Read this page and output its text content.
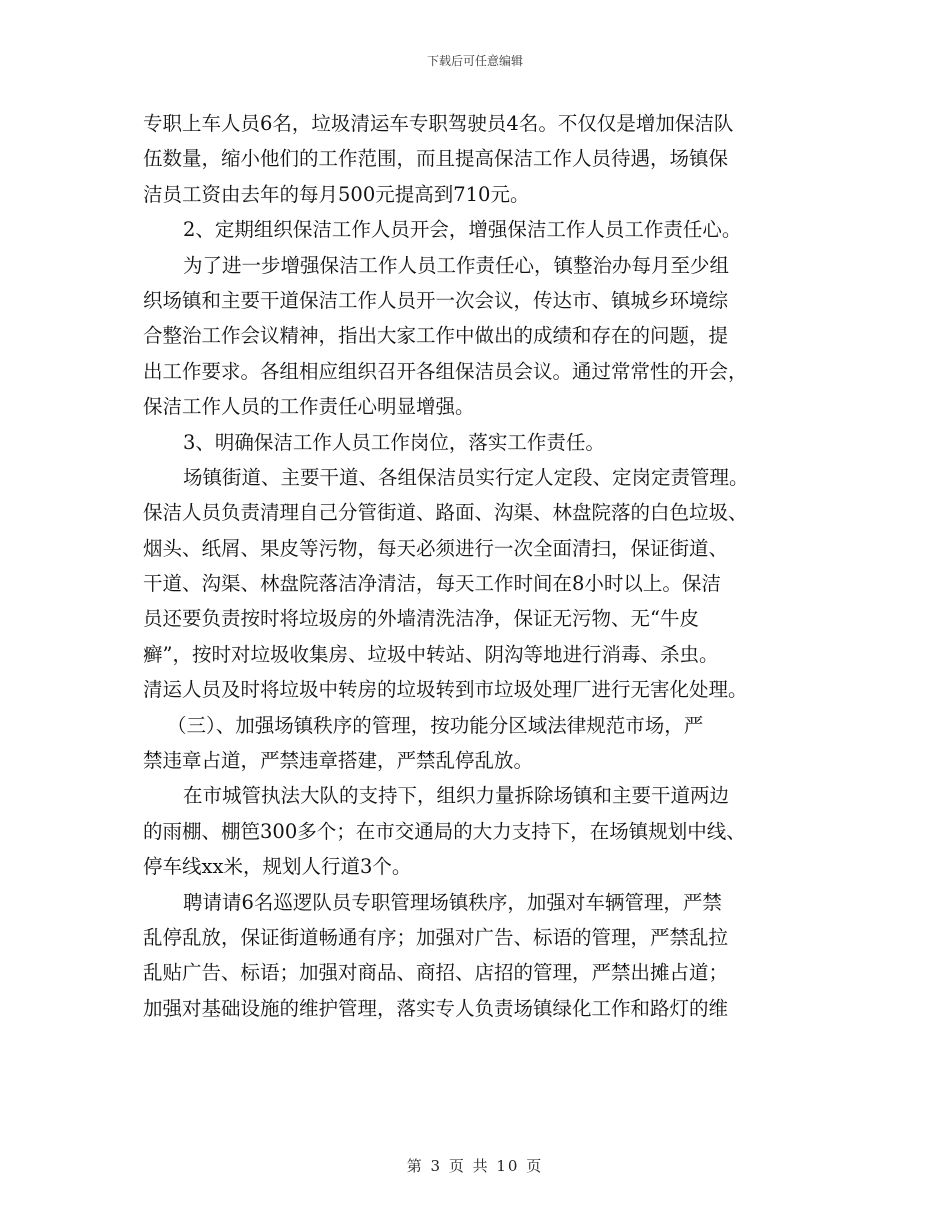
下载后可任意编辑
专职上车人员6名，垃圾清运车专职驾驶员4名。不仅仅是增加保洁队
伍数量，缩小他们的工作范围，而且提高保洁工作人员待遇，场镇保
洁员工资由去年的每月500元提高到710元。
2、定期组织保洁工作人员开会，增强保洁工作人员工作责任心。
为了进一步增强保洁工作人员工作责任心，镇整治办每月至少组
织场镇和主要干道保洁工作人员开一次会议，传达市、镇城乡环境综
合整治工作会议精神，指出大家工作中做出的成绩和存在的问题，提
出工作要求。各组相应组织召开各组保洁员会议。通过常常性的开会，
保洁工作人员的工作责任心明显增强。
3、明确保洁工作人员工作岗位，落实工作责任。
场镇街道、主要干道、各组保洁员实行定人定段、定岗定责管理。
保洁人员负责清理自己分管街道、路面、沟渠、林盘院落的白色垃圾、
烟头、纸屑、果皮等污物，每天必须进行一次全面清扫，保证街道、
干道、沟渠、林盘院落洁净清洁，每天工作时间在8小时以上。保洁
员还要负责按时将垃圾房的外墙清洗洁净，保证无污物、无“牛皮
癣”，按时对垃圾收集房、垃圾中转站、阴沟等地进行消毒、杀虫。
清运人员及时将垃圾中转房的垃圾转到市垃圾处理厂进行无害化处理。
（三）、加强场镇秩序的管理，按功能分区域法律规范市场，严
禁违章占道，严禁违章搭建，严禁乱停乱放。
在市城管执法大队的支持下，组织力量拆除场镇和主要干道两边
的雨棚、棚笆300多个；在市交通局的大力支持下，在场镇规划中线、
停车线xx米，规划人行道3个。
聘请请6名巡逻队员专职管理场镇秩序，加强对车辆管理，严禁
乱停乱放，保证街道畅通有序；加强对广告、标语的管理，严禁乱拉
乱贴广告、标语；加强对商品、商招、店招的管理，严禁出摊占道；
加强对基础设施的维护管理，落实专人负责场镇绿化工作和路灯的维
第 3 页 共 10 页
